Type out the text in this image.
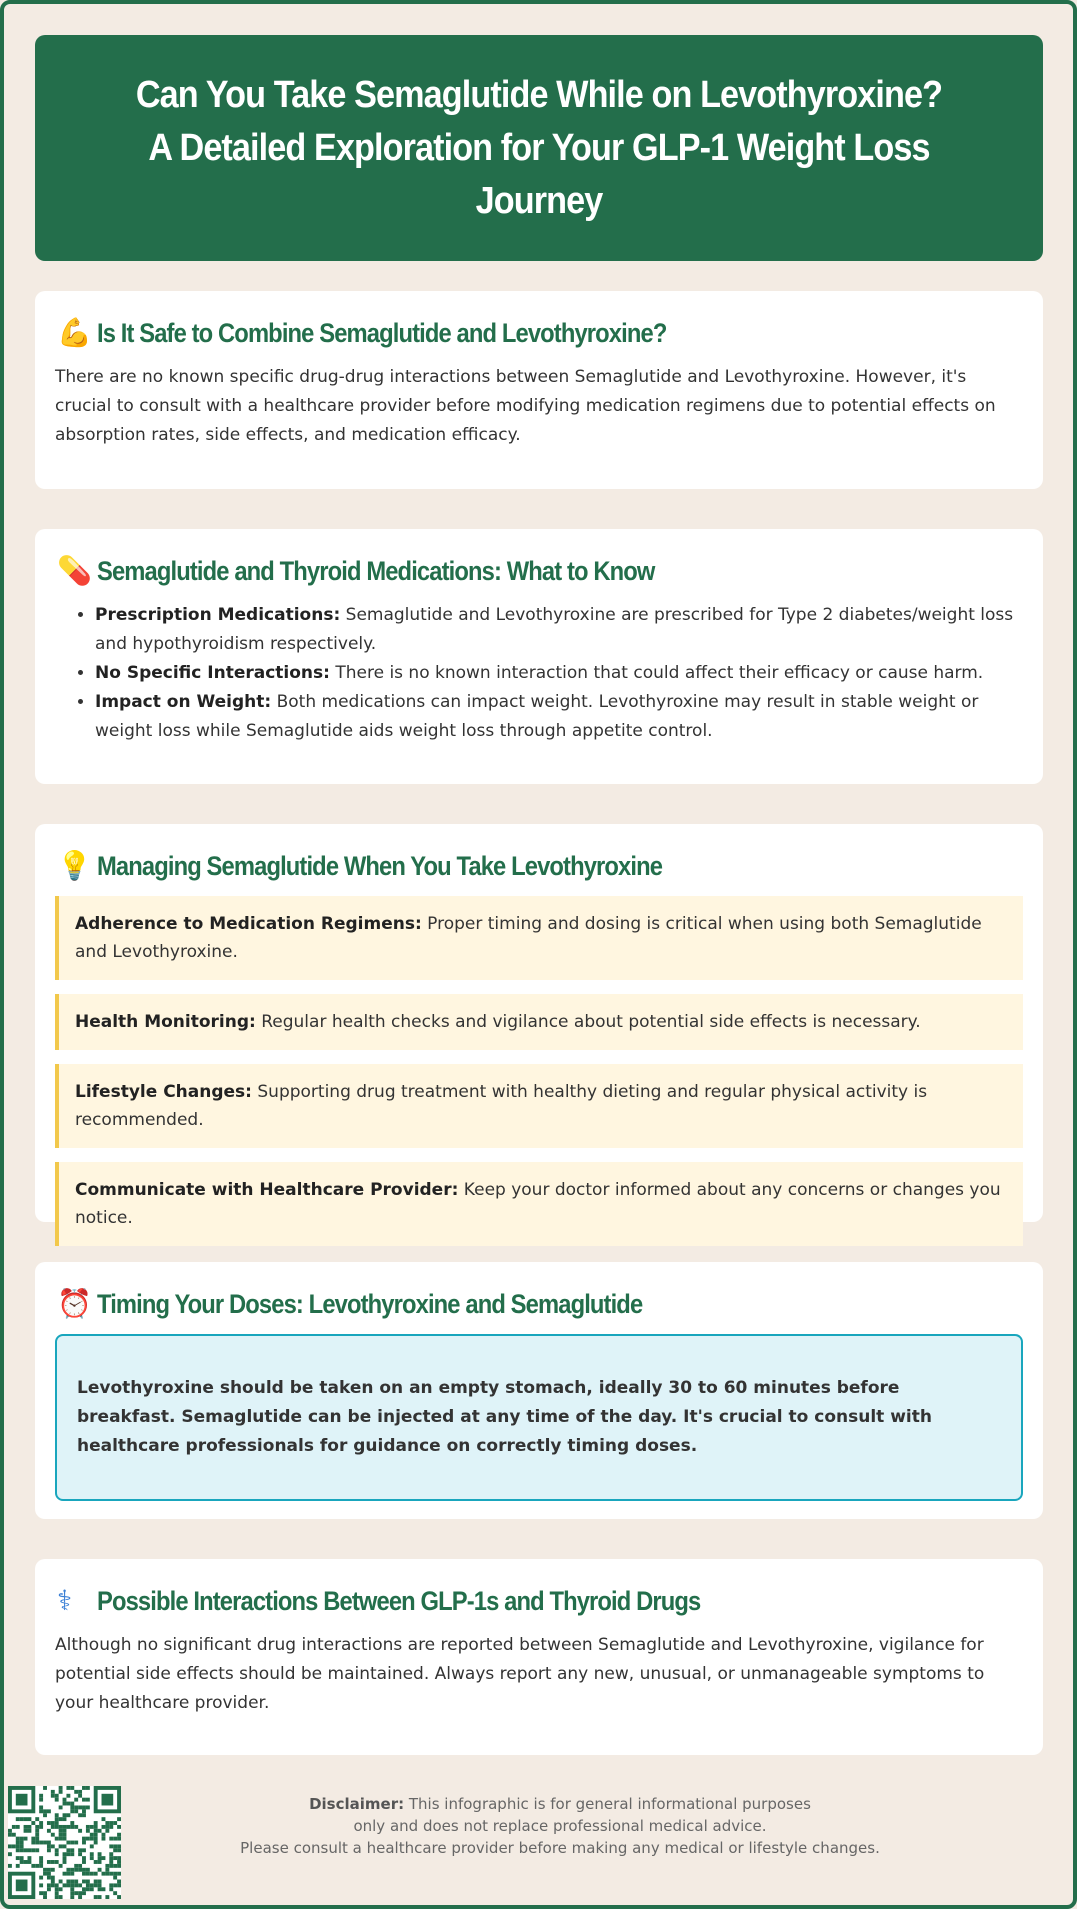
Can You Take Semaglutide While on Levothyroxine? A Detailed Exploration for Your GLP-1 Weight Loss Journey
💪 Is It Safe to Combine Semaglutide and Levothyroxine?

There are no known specific drug-drug interactions between Semaglutide and Levothyroxine. However, it's crucial to consult with a healthcare provider before modifying medication regimens due to potential effects on absorption rates, side effects, and medication efficacy.

💊 Semaglutide and Thyroid Medications: What to Know
• Prescription Medications: Semaglutide and Levothyroxine are prescribed for Type 2 diabetes/weight loss and hypothyroidism respectively.
• No Specific Interactions: There is no known interaction that could affect their efficacy or cause harm.
• Impact on Weight: Both medications can impact weight. Levothyroxine may result in stable weight or weight loss while Semaglutide aids weight loss through appetite control.
💡 Managing Semaglutide When You Take Levothyroxine
Adherence to Medication Regimens: Proper timing and dosing is critical when using both Semaglutide and Levothyroxine.
Health Monitoring: Regular health checks and vigilance about potential side effects is necessary.
Lifestyle Changes: Supporting drug treatment with healthy dieting and regular physical activity is recommended.
Communicate with Healthcare Provider: Keep your doctor informed about any concerns or changes you notice.
⏰ Timing Your Doses: Levothyroxine and Semaglutide
Levothyroxine should be taken on an empty stomach, ideally 30 to 60 minutes before breakfast. Semaglutide can be injected at any time of the day. It's crucial to consult with healthcare professionals for guidance on correctly timing doses.
⚕ Possible Interactions Between GLP-1s and Thyroid Drugs

Although no significant drug interactions are reported between Semaglutide and Levothyroxine, vigilance for potential side effects should be maintained. Always report any new, unusual, or unmanageable symptoms to your healthcare provider.

Disclaimer: This infographic is for general informational purposes
only and does not replace professional medical advice.
Please consult a healthcare provider before making any medical or lifestyle changes.
